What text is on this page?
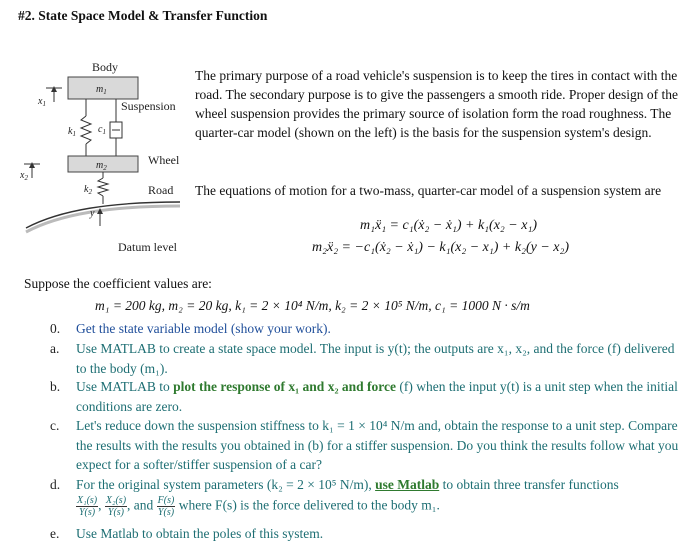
#2. State Space Model & Transfer Function
Body
$m_1$
Suspension
$x_1$
$k_1$ $c_1$
$m_2$
Wheel
$x_2$
$k_2$	Road
y
Datum level
The primary purpose of a road vehicle's suspension is to keep the tires in contact with the road. The secondary purpose is to give the passengers a smooth ride. Proper design of the wheel suspension provides the primary source of isolation form the road roughness. The quarter-car model (shown on the left) is the basis for the suspension system's design.
The equations of motion for a two-mass, quarter-car model of a suspension system are
m₁ẍ₁ = c₁(ẋ₂ − ẋ₁) + k₁(x₂ − x₁)
m₂ẍ₂ = −c₁(ẋ₂ − ẋ₁) − k₁(x₂ − x₁) + k₂(y − x₂)
Suppose the coefficient values are:
m₁ = 200 kg, m₂ = 20 kg, k₁ = 2 × 10⁴ N/m, k₂ = 2 × 10⁵ N/m, c₁ = 1000 N · s/m
0. Get the state variable model (show your work).
a. Use MATLAB to create a state space model. The input is y(t); the outputs are x₁, x₂, and the force (f) delivered to the body (m₁).
b. Use MATLAB to plot the response of x₁ and x₂ and force (f) when the input y(t) is a unit step when the initial conditions are zero.
c. Let's reduce down the suspension stiffness to k₁ = 1 × 10⁴ N/m and, obtain the response to a unit step. Compare the results with the results you obtained in (b) for a stiffer suspension. Do you think the results follow what you expect for a softer/stiffer suspension of a car?
d. For the original system parameters (k₂ = 2 × 10⁵ N/m), use Matlab to obtain three transfer functions

$\frac{\text{X₁(s)}}{Y(s)}$ , $\frac{\text{X₂(s)}}{Y(s)}$ , and $\frac{F(s)}{Y(s)}$ where F(s) is the force delivered to the body m₁.
e. Use Matlab to obtain the poles of this system.
